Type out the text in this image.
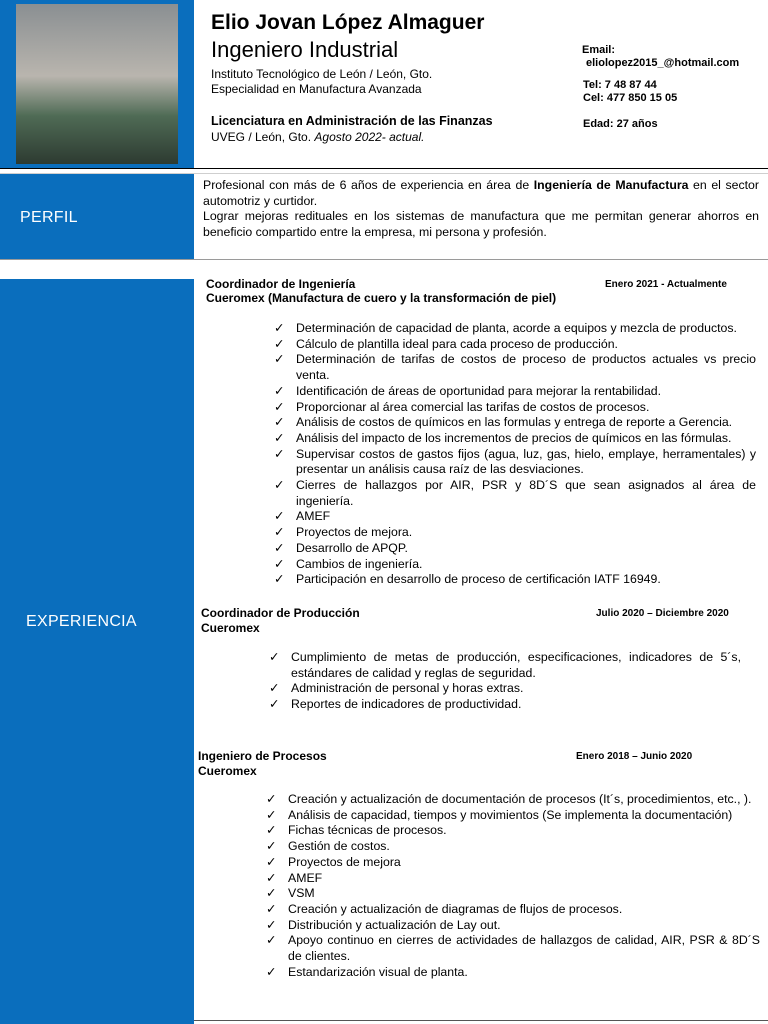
Elio Jovan López Almaguer
Ingeniero Industrial
Instituto Tecnológico de León / León, Gto.
Especialidad en Manufactura Avanzada
Licenciatura en Administración de las Finanzas
UVEG / León, Gto. Agosto 2022- actual.
Email:
eliolopez2015_@hotmail.com
Tel: 7 48 87 44
Cel: 477 850 15 05
Edad: 27 años
PERFIL
Profesional con más de 6 años de experiencia en área de Ingeniería de Manufactura en el sector automotriz y curtidor.
Lograr mejoras redituales en los sistemas de manufactura que me permitan generar ahorros en beneficio compartido entre la empresa, mi persona y profesión.
EXPERIENCIA
Coordinador de Ingeniería
Cueromex (Manufactura de cuero y la transformación de piel)
Enero 2021 - Actualmente
✓ Determinación de capacidad de planta, acorde a equipos y mezcla de productos.
✓ Cálculo de plantilla ideal para cada proceso de producción.
✓ Determinación de tarifas de costos de proceso de productos actuales vs precio venta.
✓ Identificación de áreas de oportunidad para mejorar la rentabilidad.
✓ Proporcionar al área comercial las tarifas de costos de procesos.
✓ Análisis de costos de químicos en las formulas y entrega de reporte a Gerencia.
✓ Análisis del impacto de los incrementos de precios de químicos en las fórmulas.
✓ Supervisar costos de gastos fijos (agua, luz, gas, hielo, emplaye, herramentales) y presentar un análisis causa raíz de las desviaciones.
✓ Cierres de hallazgos por AIR, PSR y 8D´S que sean asignados al área de ingeniería.
✓ AMEF
✓ Proyectos de mejora.
✓ Desarrollo de APQP.
✓ Cambios de ingeniería.
✓ Participación en desarrollo de proceso de certificación IATF 16949.
Coordinador de Producción
Cueromex
Julio 2020 – Diciembre 2020
✓ Cumplimiento de metas de producción, especificaciones, indicadores de 5´s, estándares de calidad y reglas de seguridad.
✓ Administración de personal y horas extras.
✓ Reportes de indicadores de productividad.
Ingeniero de Procesos
Cueromex
Enero 2018 – Junio 2020
✓ Creación y actualización de documentación de procesos (It´s, procedimientos, etc., ).
✓ Análisis de capacidad, tiempos y movimientos (Se implementa la documentación)
✓ Fichas técnicas de procesos.
✓ Gestión de costos.
✓ Proyectos de mejora
✓ AMEF
✓ VSM
✓ Creación y actualización de diagramas de flujos de procesos.
✓ Distribución y actualización de Lay out.
✓ Apoyo continuo en cierres de actividades de hallazgos de calidad, AIR, PSR & 8D´S de clientes.
✓ Estandarización visual de planta.
